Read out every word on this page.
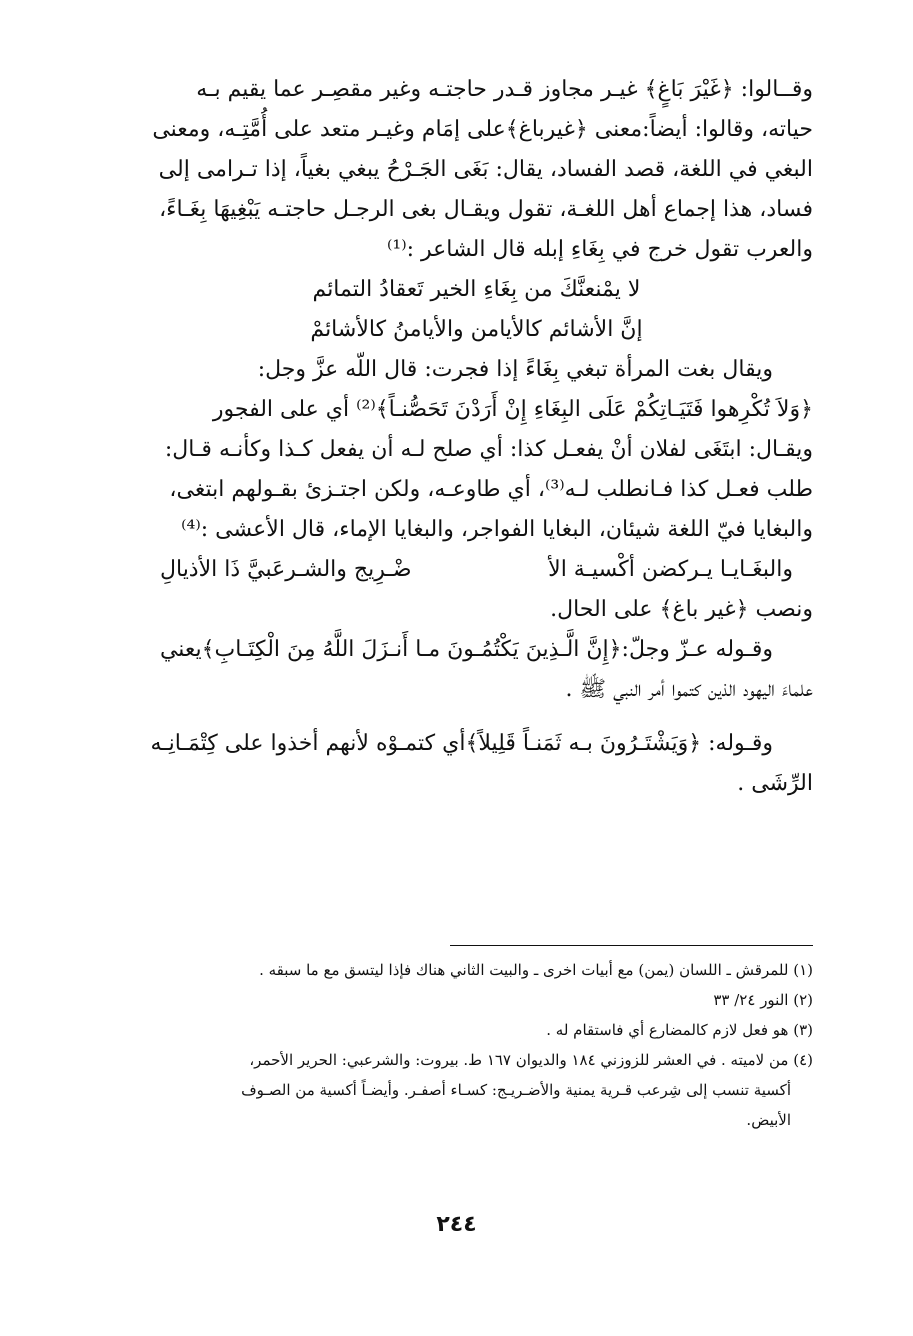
وقــالوا: ﴿غَيْرَ بَاغٍ﴾ غيـر مجاوز قـدر حاجتـه وغير مقصِـر عما يقيم بـه

حياته، وقالوا: أيضاً:معنى ﴿غيرباغ﴾على إمَام وغيـر متعد على أُمَّتِـه، ومعنى

البغي في اللغة، قصد الفساد، يقال: بَغَى الجَـرْحُ يبغي بغياً، إذا تـرامى إلى

فساد، هذا إجماع أهل اللغـة، تقول ويقـال بغى الرجـل حاجتـه يَبْغِيهَا بِغَـاءً،

والعرب تقول خرج في بِغَاءِ إبله قال الشاعر :⁽¹⁾

لا يمْنعنَّكَ من بِغَاءِ الخير تَعقادُ التمائم

إنَّ الأشائم كالأيامن والأيامنُ كالأشائمْ

ويقال بغت المرأة تبغي بِغَاءً إذا فجرت: قال اللّه عزَّ وجل:

﴿وَلاَ تُكْرِهوا فَتَيَـاتِكُمْ عَلَى البِغَاءِ إِنْ أَرَدْنَ تَحَصُّنـاً﴾⁽²⁾ أي على الفجور

ويقـال: ابتَغَى لفلان أنْ يفعـل كذا: أي صلح لـه أن يفعل كـذا وكأنـه قـال:

طلب فعـل كذا فـانطلب لـه⁽³⁾، أي طاوعـه، ولكن اجتـزئ بقـولهم ابتغى،

والبغايا فيّ اللغة شيئان، البغايا الفواجر، والبغايا الإماء، قال الأعشى :⁽⁴⁾

والبغَـايـا يـركضن أكْسيـة الأ
ضْـرِيج والشـرعَبيَّ ذَا الأذيالِ

ونصب ﴿غير باغ﴾ على الحال.

وقـوله عـزّ وجلّ:﴿إِنَّ الَّـذِينَ يَكْتُمُـونَ مـا أَنـزَلَ اللَّهُ مِنَ الْكِتَـابِ﴾يعني

علماءَ اليهود الذين كتموا أمر النبي ﷺ .

وقـوله: ﴿وَيَشْتَـرُونَ بـه ثَمَنـاً قَلِيلاً﴾أي كتمـوْه لأنهم أخذوا على كِتْمَـانِـه

الرِّشَى .

(١) للمرقش ـ اللسان (يمن) مع أبيات اخرى ـ والبيت الثاني هناك فإذا ليتسق مع ما سبقه .

(٢) النور ٢٤/ ٣٣

(٣) هو فعل لازم كالمضارع أي فاستقام له .

(٤) من لاميته . في العشر للزوزني ١٨٤ والديوان ١٦٧ ط. بيروت: والشرعبي: الحرير الأحمر،

أكسية تنسب إلى شِرعب قـرية يمنية والأضـريـج: كسـاء أصفـر. وأيضـاً أكسية من الصـوف

الأبيض.

٢٤٤
